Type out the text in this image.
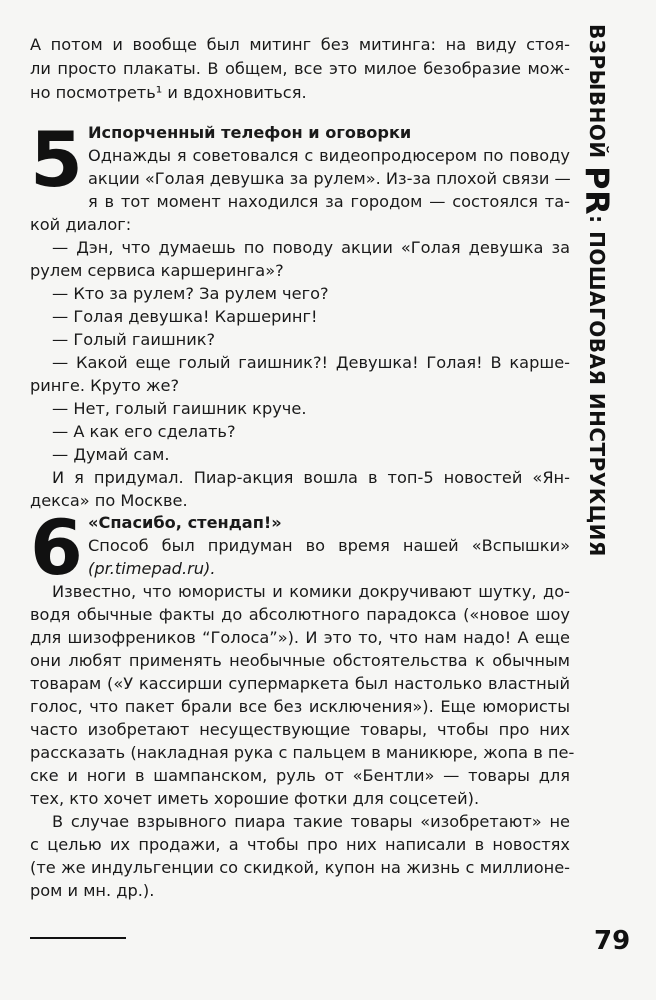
А потом и вообще был митинг без митинга: на виду стоя-
ли просто плакаты. В общем, все это милое безобразие мож-
но посмотреть¹ и вдохновиться.
5 Испорченный телефон и оговорки
Однажды я советовался с видеопродюсером по поводу
акции «Голая девушка за рулем». Из-за плохой связи —
я в тот момент находился за городом — состоялся та-
кой диалог:
— Дэн, что думаешь по поводу акции «Голая девушка за
рулем сервиса каршеринга»?
— Кто за рулем? За рулем чего?
— Голая девушка! Каршеринг!
— Голый гаишник?
— Какой еще голый гаишник?! Девушка! Голая! В карше-
ринге. Круто же?
— Нет, голый гаишник круче.
— А как его сделать?
— Думай сам.
И я придумал. Пиар-акция вошла в топ-5 новостей «Ян-
декса» по Москве.
6 «Спасибо, стендап!»
Способ был придуман во время нашей «Вспышки»
(pr.timepad.ru).
Известно, что юмористы и комики докручивают шутку, до-
водя обычные факты до абсолютного парадокса («новое шоу
для шизофреников “Голоса”»). И это то, что нам надо! А еще
они любят применять необычные обстоятельства к обычным
товарам («У кассирши супермаркета был настолько властный
голос, что пакет брали все без исключения»). Еще юмористы
часто изобретают несуществующие товары, чтобы про них
рассказать (накладная рука с пальцем в маникюре, жопа в пе-
ске и ноги в шампанском, руль от «Бентли» — товары для
тех, кто хочет иметь хорошие фотки для соцсетей).
В случае взрывного пиара такие товары «изобретают» не
с целью их продажи, а чтобы про них написали в новостях
(те же индульгенции со скидкой, купон на жизнь с миллионе-
ром и мн. др.).
ВЗРЫВНОЙ PR: ПОШАГОВАЯ ИНСТРУКЦИЯ
79
